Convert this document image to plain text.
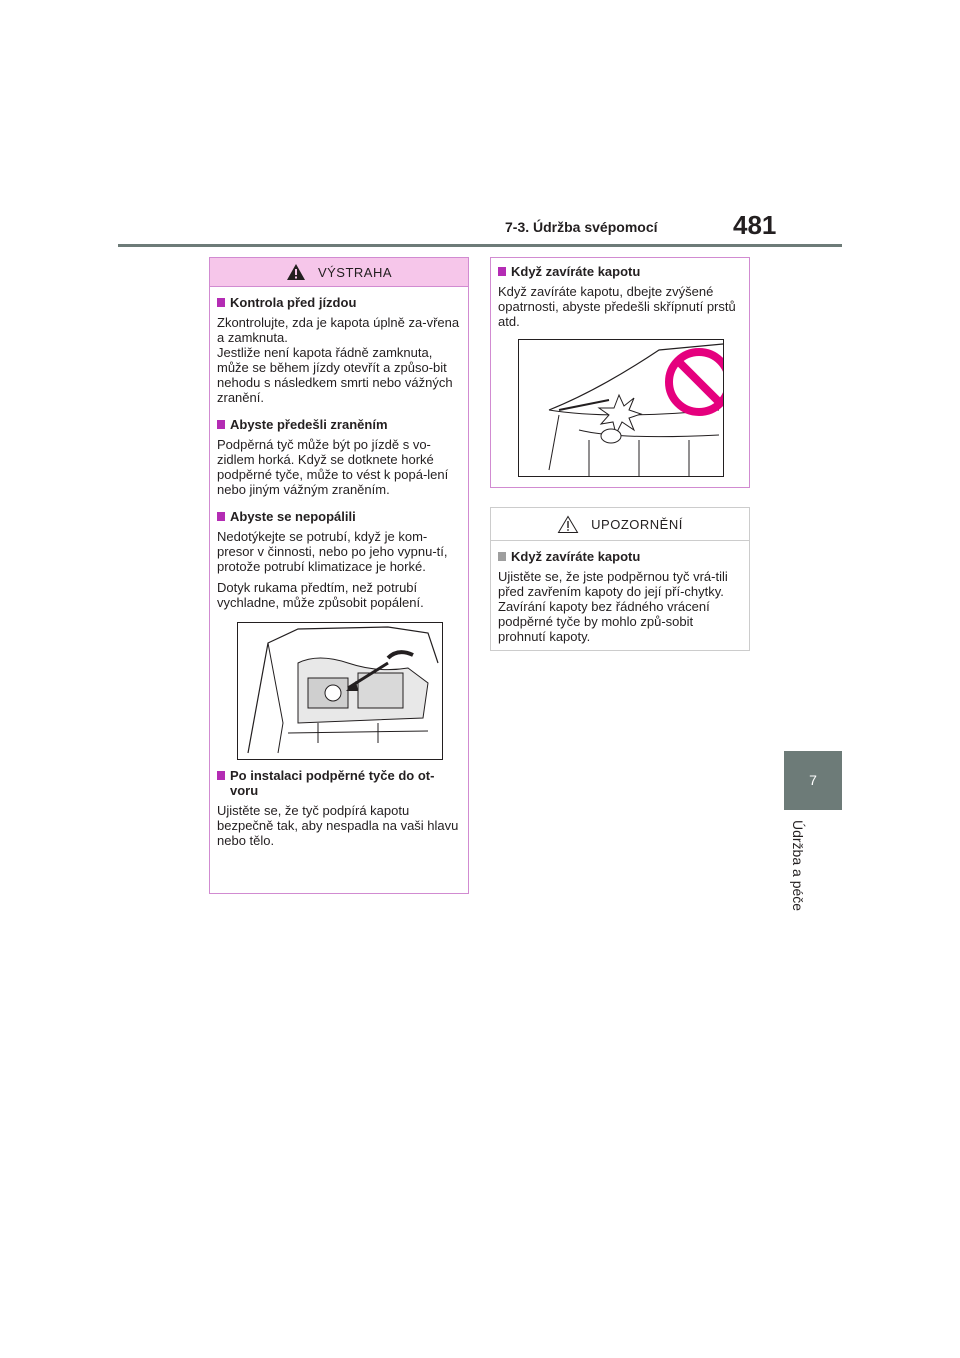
7-3. Údržba svépomocí	481
7
Údržba a péče
VÝSTRAHA
Kontrola před jízdou

Zkontrolujte, zda je kapota úplně za-vřena a zamknuta.

Jestliže není kapota řádně zamknuta, může se během jízdy otevřít a způso-bit nehodu s následkem smrti nebo vážných zranění.

Abyste předešli zraněním

Podpěrná tyč může být po jízdě s vo-zidlem horká. Když se dotknete horké podpěrné tyče, může to vést k popá-lení nebo jiným vážným zraněním.

Abyste se nepopálili

Nedotýkejte se potrubí, když je kom-presor v činnosti, nebo po jeho vypnu-tí, protože potrubí klimatizace je horké.

Dotyk rukama předtím, než potrubí vychladne, může způsobit popálení.

Po instalaci podpěrné tyče do ot-voru

Ujistěte se, že tyč podpírá kapotu bezpečně tak, aby nespadla na vaši hlavu nebo tělo.

Když zavíráte kapotu

Když zavíráte kapotu, dbejte zvýšené opatrnosti, abyste předešli skřípnutí prstů atd.

UPOZORNĚNÍ
Když zavíráte kapotu

Ujistěte se, že jste podpěrnou tyč vrá-tili před zavřením kapoty do její pří-chytky. Zavírání kapoty bez řádného vrácení podpěrné tyče by mohlo způ-sobit prohnutí kapoty.
